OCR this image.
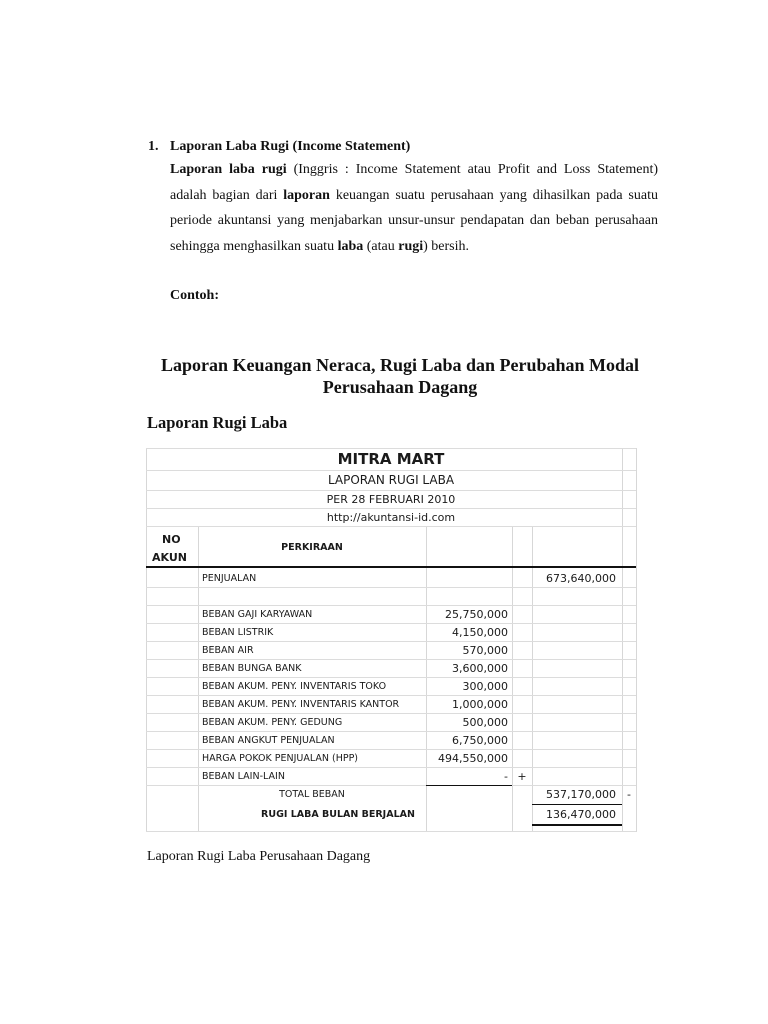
1. Laporan Laba Rugi (Income Statement)
Laporan laba rugi (Inggris : Income Statement atau Profit and Loss Statement) adalah bagian dari laporan keuangan suatu perusahaan yang dihasilkan pada suatu periode akuntansi yang menjabarkan unsur-unsur pendapatan dan beban perusahaan sehingga menghasilkan suatu laba (atau rugi) bersih.
Contoh:
Laporan Keuangan Neraca, Rugi Laba dan Perubahan Modal
Perusahaan Dagang
Laporan Rugi Laba
MITRA MART
LAPORAN RUGI LABA
PER 28 FEBRUARI 2010
http://akuntansi-id.com
NO
AKUN
PERKIRAAN
PENJUALAN	673,640,000
BEBAN GAJI KARYAWAN	25,750,000
BEBAN LISTRIK	4,150,000
BEBAN AIR	570,000
BEBAN BUNGA BANK	3,600,000
BEBAN AKUM. PENY. INVENTARIS TOKO	300,000
BEBAN AKUM. PENY. INVENTARIS KANTOR	1,000,000
BEBAN AKUM. PENY. GEDUNG	500,000
BEBAN ANGKUT PENJUALAN	6,750,000
HARGA POKOK PENJUALAN (HPP)	494,550,000
BEBAN LAIN-LAIN	- +
TOTAL BEBAN	537,170,000	-
RUGI LABA BULAN BERJALAN	136,470,000
Laporan Rugi Laba Perusahaan Dagang
